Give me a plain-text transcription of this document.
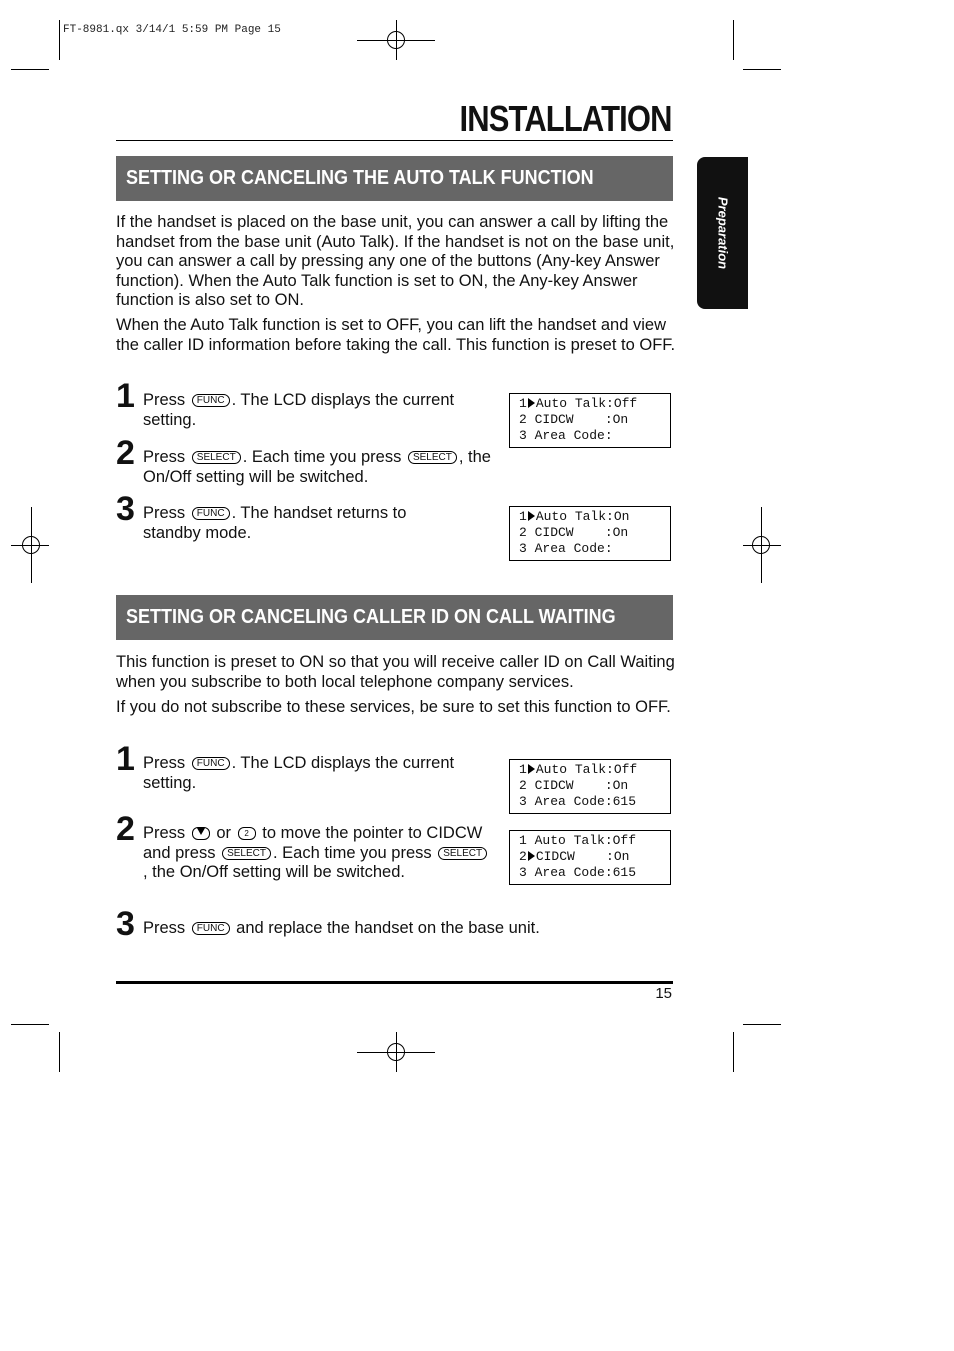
FT-8981.qx 3/14/1 5:59 PM Page 15
INSTALLATION
Preparation
SETTING OR CANCELING THE AUTO TALK FUNCTION
If the handset is placed on the base unit, you can answer a call by lifting the handset from the base unit (Auto Talk). If the handset is not on the base unit, you can answer a call by pressing any one of the buttons (Any-key Answer function). When the Auto Talk function is set to ON, the Any-key Answer function is also set to ON.
When the Auto Talk function is set to OFF, you can lift the handset and view the caller ID information before taking the call. This function is preset to OFF.
1 Press FUNC . The LCD displays the current setting.
2 Press SELECT . Each time you press SELECT , the On/Off setting will be switched.
3 Press FUNC . The handset returns to standby mode.
1 Auto Talk:Off
2 CIDCW    :On
3 Area Code:
1 Auto Talk:On
2 CIDCW    :On
3 Area Code:
SETTING OR CANCELING CALLER ID ON CALL WAITING
This function is preset to ON so that you will receive caller ID on Call Waiting when you subscribe to both local telephone company services.
If you do not subscribe to these services, be sure to set this function to OFF.
1 Press FUNC . The LCD displays the current setting.
2 Press or 2 to move the pointer to CIDCW and press SELECT . Each time you press SELECT, the On/Off setting will be switched.
3 Press FUNC and replace the handset on the base unit.
1 Auto Talk:Off
2 CIDCW    :On
3 Area Code:615
1 Auto Talk:Off
2 CIDCW    :On
3 Area Code:615
15
